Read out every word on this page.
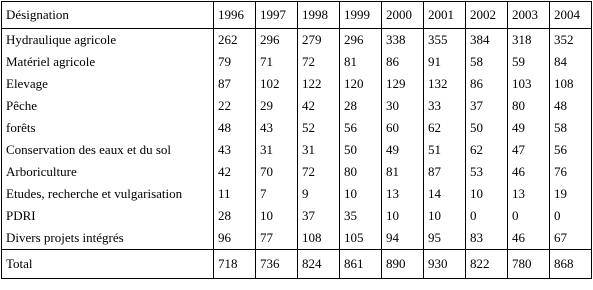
Désignation	1996	1997	1998	1999	2000	2001	2002	2003	2004
Hydraulique agricole	262	296	279	296	338	355	384	318	352
Matériel agricole	79	71	72	81	86	91	58	59	84
Elevage	87	102	122	120	129	132	86	103	108
Pêche	22	29	42	28	30	33	37	80	48
forêts	48	43	52	56	60	62	50	49	58
Conservation des eaux et du sol	43	31	31	50	49	51	62	47	56
Arboriculture	42	70	72	80	81	87	53	46	76
Etudes, recherche et vulgarisation	11	7	9	10	13	14	10	13	19
PDRI	28	10	37	35	10	10	0	0	0
Divers projets intégrés	96	77	108	105	94	95	83	46	67
Total	718	736	824	861	890	930	822	780	868
